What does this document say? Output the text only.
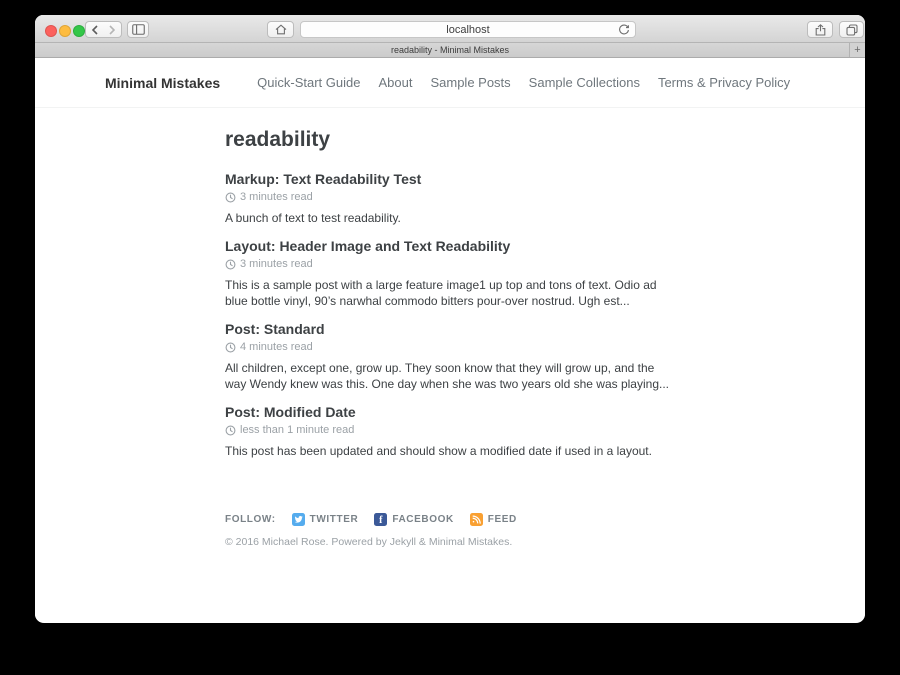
localhost
readability - Minimal Mistakes	+
Minimal Mistakes	Quick-Start Guide About Sample Posts Sample Collections Terms & Privacy Policy
readability
Markup: Text Readability Test
3 minutes read

A bunch of text to test readability.

Layout: Header Image and Text Readability
3 minutes read

This is a sample post with a large feature image1 up top and tons of text. Odio ad blue bottle vinyl, 90’s narwhal commodo bitters pour-over nostrud. Ugh est...

Post: Standard
4 minutes read

All children, except one, grow up. They soon know that they will grow up, and the way Wendy knew was this. One day when she was two years old she was playing...

Post: Modified Date
less than 1 minute read

This post has been updated and should show a modified date if used in a layout.

FOLLOW:	TWITTER f FACEBOOK	FEED

© 2016 Michael Rose. Powered by Jekyll & Minimal Mistakes.
